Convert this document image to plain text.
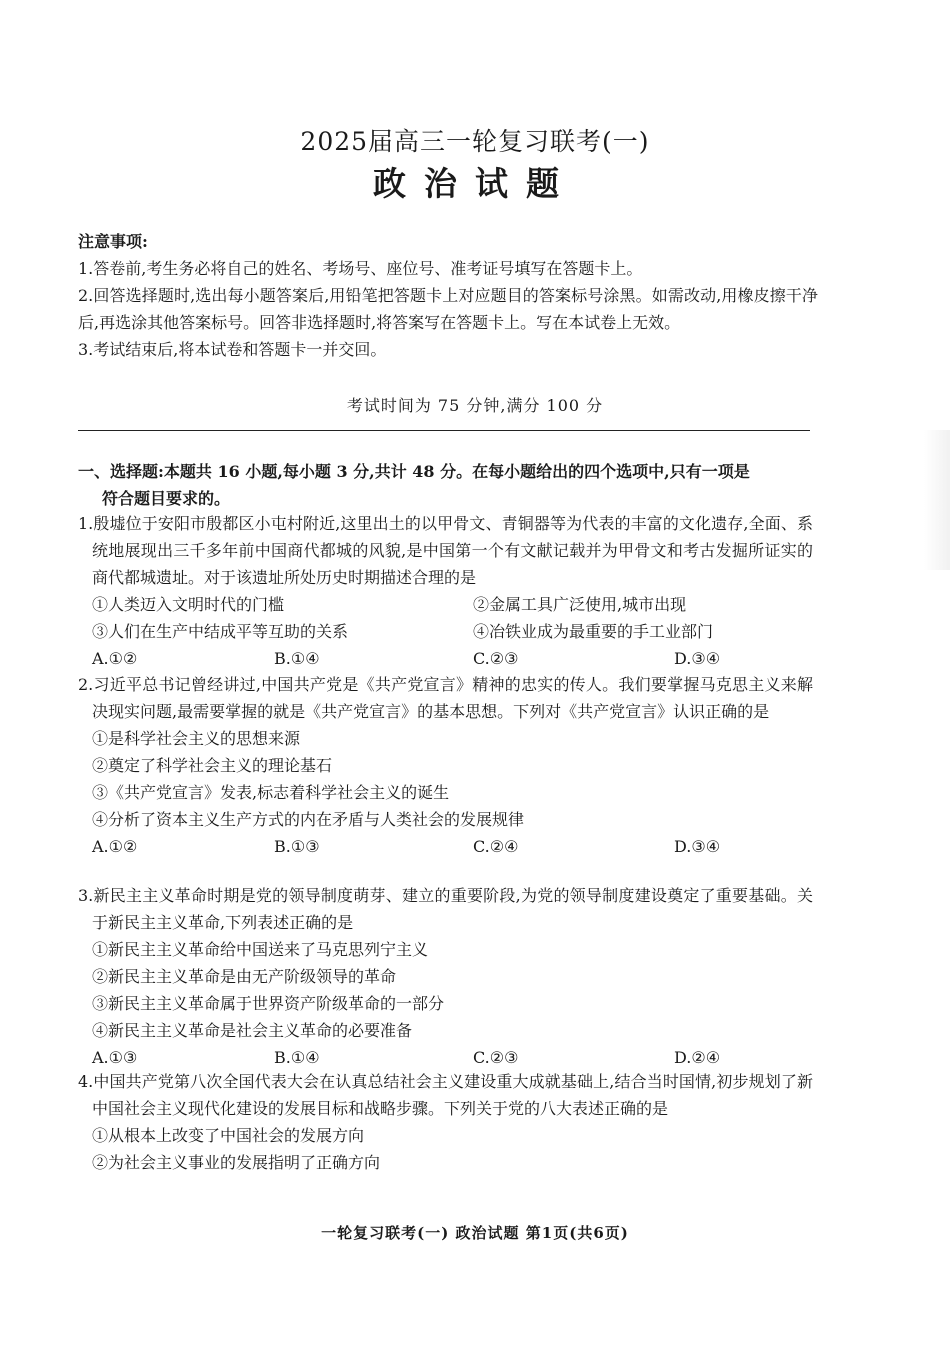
2025届高三一轮复习联考(一)
政治试题
注意事项:
1.答卷前,考生务必将自己的姓名、考场号、座位号、准考证号填写在答题卡上。
2.回答选择题时,选出每小题答案后,用铅笔把答题卡上对应题目的答案标号涂黑。如需改动,用橡皮擦干净后,再选涂其他答案标号。回答非选择题时,将答案写在答题卡上。写在本试卷上无效。
3.考试结束后,将本试卷和答题卡一并交回。
考试时间为 75 分钟,满分 100 分
一、选择题:本题共 16 小题,每小题 3 分,共计 48 分。在每小题给出的四个选项中,只有一项是
符合题目要求的。
1.殷墟位于安阳市殷都区小屯村附近,这里出土的以甲骨文、青铜器等为代表的丰富的文化遗存,全面、系统地展现出三千多年前中国商代都城的风貌,是中国第一个有文献记载并为甲骨文和考古发掘所证实的商代都城遗址。对于该遗址所处历史时期描述合理的是
①人类迈入文明时代的门槛	②金属工具广泛使用,城市出现
③人们在生产中结成平等互助的关系	④冶铁业成为最重要的手工业部门
A.①②	B.①④	C.②③	D.③④
2.习近平总书记曾经讲过,中国共产党是《共产党宣言》精神的忠实的传人。我们要掌握马克思主义来解决现实问题,最需要掌握的就是《共产党宣言》的基本思想。下列对《共产党宣言》认识正确的是
①是科学社会主义的思想来源
②奠定了科学社会主义的理论基石
③《共产党宣言》发表,标志着科学社会主义的诞生
④分析了资本主义生产方式的内在矛盾与人类社会的发展规律
A.①②	B.①③	C.②④	D.③④
3.新民主主义革命时期是党的领导制度萌芽、建立的重要阶段,为党的领导制度建设奠定了重要基础。关于新民主主义革命,下列表述正确的是
①新民主主义革命给中国送来了马克思列宁主义
②新民主主义革命是由无产阶级领导的革命
③新民主主义革命属于世界资产阶级革命的一部分
④新民主主义革命是社会主义革命的必要准备
A.①③	B.①④	C.②③	D.②④
4.中国共产党第八次全国代表大会在认真总结社会主义建设重大成就基础上,结合当时国情,初步规划了新中国社会主义现代化建设的发展目标和战略步骤。下列关于党的八大表述正确的是
①从根本上改变了中国社会的发展方向
②为社会主义事业的发展指明了正确方向
一轮复习联考(一) 政治试题 第1页(共6页)
